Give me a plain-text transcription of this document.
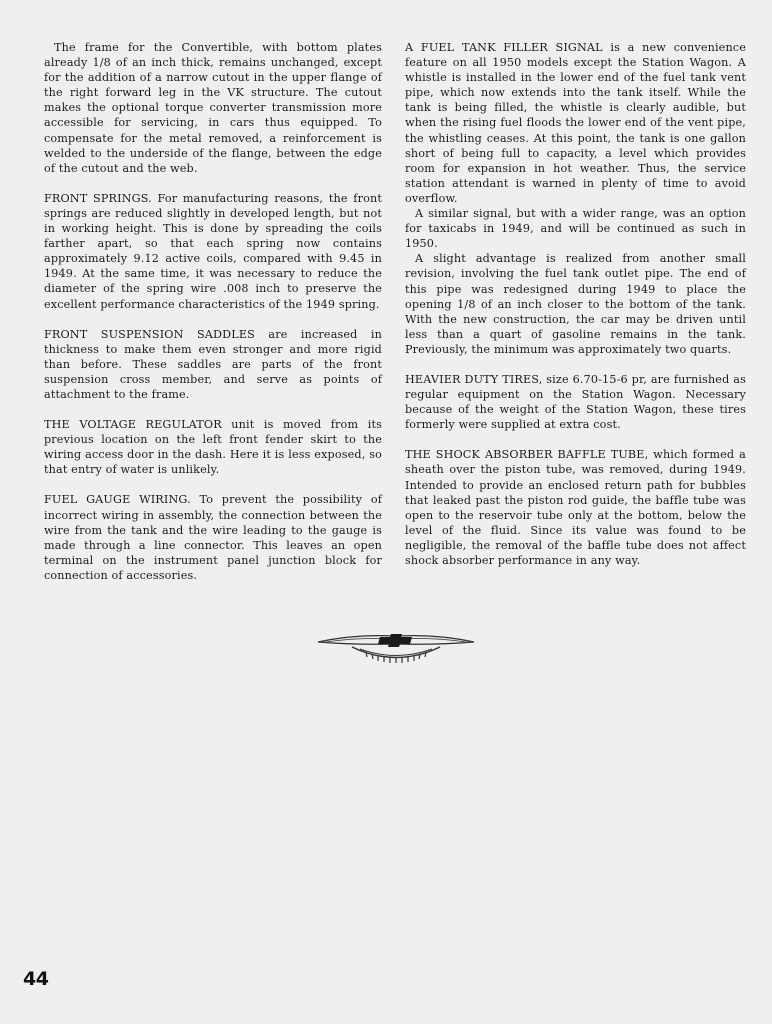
The frame for the Convertible, with bottom plates already 1/8 of an inch thick, remains unchanged, except for the addition of a narrow cutout in the upper flange of the right forward leg in the VK structure. The cutout makes the optional torque converter transmission more accessible for servicing, in cars thus equipped. To compensate for the metal removed, a reinforcement is welded to the underside of the flange, between the edge of the cutout and the web.

FRONT SPRINGS. For manufacturing reasons, the front springs are reduced slightly in developed length, but not in working height. This is done by spreading the coils farther apart, so that each spring now contains approximately 9.12 active coils, compared with 9.45 in 1949. At the same time, it was necessary to reduce the diameter of the spring wire .008 inch to preserve the excellent performance characteristics of the 1949 spring.

FRONT SUSPENSION SADDLES are increased in thickness to make them even stronger and more rigid than before. These saddles are parts of the front suspension cross member, and serve as points of attachment to the frame.

THE VOLTAGE REGULATOR unit is moved from its previous location on the left front fender skirt to the wiring access door in the dash. Here it is less exposed, so that entry of water is unlikely.

FUEL GAUGE WIRING. To prevent the possibility of incorrect wiring in assembly, the connection between the wire from the tank and the wire leading to the gauge is made through a line connector. This leaves an open terminal on the instrument panel junction block for connection of accessories.

A FUEL TANK FILLER SIGNAL is a new convenience feature on all 1950 models except the Station Wagon. A whistle is installed in the lower end of the fuel tank vent pipe, which now extends into the tank itself. While the tank is being filled, the whistle is clearly audible, but when the rising fuel floods the lower end of the vent pipe, the whistling ceases. At this point, the tank is one gallon short of being full to capacity, a level which provides room for expansion in hot weather. Thus, the service station attendant is warned in plenty of time to avoid overflow.

A similar signal, but with a wider range, was an option for taxicabs in 1949, and will be continued as such in 1950.

A slight advantage is realized from another small revision, involving the fuel tank outlet pipe. The end of this pipe was redesigned during 1949 to place the opening 1/8 of an inch closer to the bottom of the tank. With the new construction, the car may be driven until less than a quart of gasoline remains in the tank. Previously, the minimum was approximately two quarts.

HEAVIER DUTY TIRES, size 6.70-15-6 pr, are furnished as regular equipment on the Station Wagon. Necessary because of the weight of the Station Wagon, these tires formerly were supplied at extra cost.

THE SHOCK ABSORBER BAFFLE TUBE, which formed a sheath over the piston tube, was removed, during 1949. Intended to provide an enclosed return path for bubbles that leaked past the piston rod guide, the baffle tube was open to the reservoir tube only at the bottom, below the level of the fluid. Since its value was found to be negligible, the removal of the baffle tube does not affect shock absorber performance in any way.

44
